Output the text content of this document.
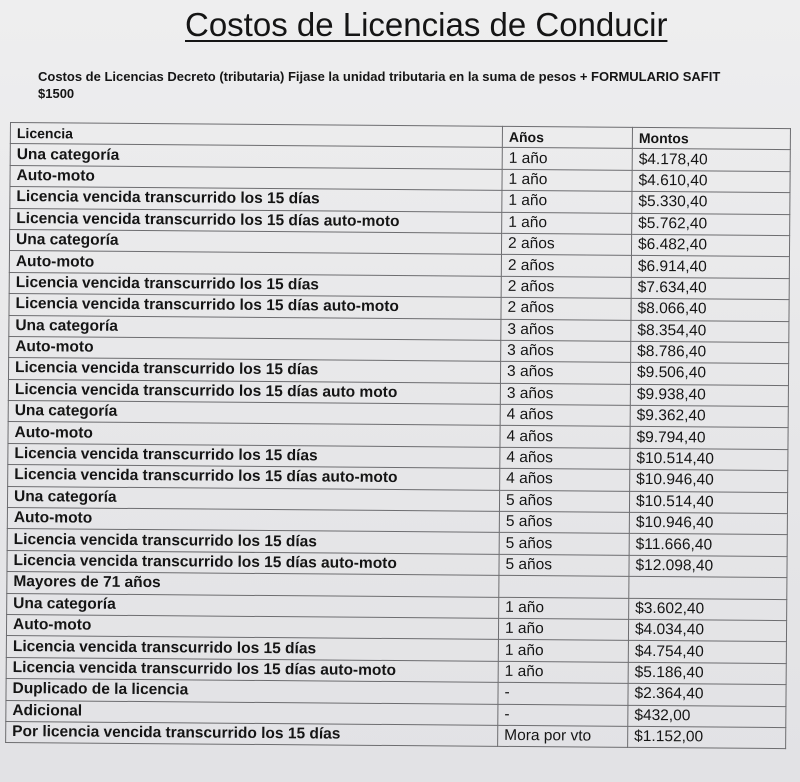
Costos de Licencias de Conducir
Costos de Licencias Decreto (tributaria) Fijase la unidad tributaria en la suma de pesos + FORMULARIO SAFIT $1500
Licencia	Años	Montos
Una categoría	1 año	$4.178,40
Auto-moto	1 año	$4.610,40
Licencia vencida transcurrido los 15 días	1 año	$5.330,40
Licencia vencida transcurrido los 15 días auto-moto	1 año	$5.762,40
Una categoría	2 años	$6.482,40
Auto-moto	2 años	$6.914,40
Licencia vencida transcurrido los 15 días	2 años	$7.634,40
Licencia vencida transcurrido los 15 días auto-moto	2 años	$8.066,40
Una categoría	3 años	$8.354,40
Auto-moto	3 años	$8.786,40
Licencia vencida transcurrido los 15 días	3 años	$9.506,40
Licencia vencida transcurrido los 15 días auto moto	3 años	$9.938,40
Una categoría	4 años	$9.362,40
Auto-moto	4 años	$9.794,40
Licencia vencida transcurrido los 15 días	4 años	$10.514,40
Licencia vencida transcurrido los 15 días auto-moto	4 años	$10.946,40
Una categoría	5 años	$10.514,40
Auto-moto	5 años	$10.946,40
Licencia vencida transcurrido los 15 días	5 años	$11.666,40
Licencia vencida transcurrido los 15 días auto-moto	5 años	$12.098,40
Mayores de 71 años		
Una categoría	1 año	$3.602,40
Auto-moto	1 año	$4.034,40
Licencia vencida transcurrido los 15 días	1 año	$4.754,40
Licencia vencida transcurrido los 15 días auto-moto	1 año	$5.186,40
Duplicado de la licencia	-	$2.364,40
Adicional	-	$432,00
Por licencia vencida transcurrido los 15 días	Mora por vto	$1.152,00
